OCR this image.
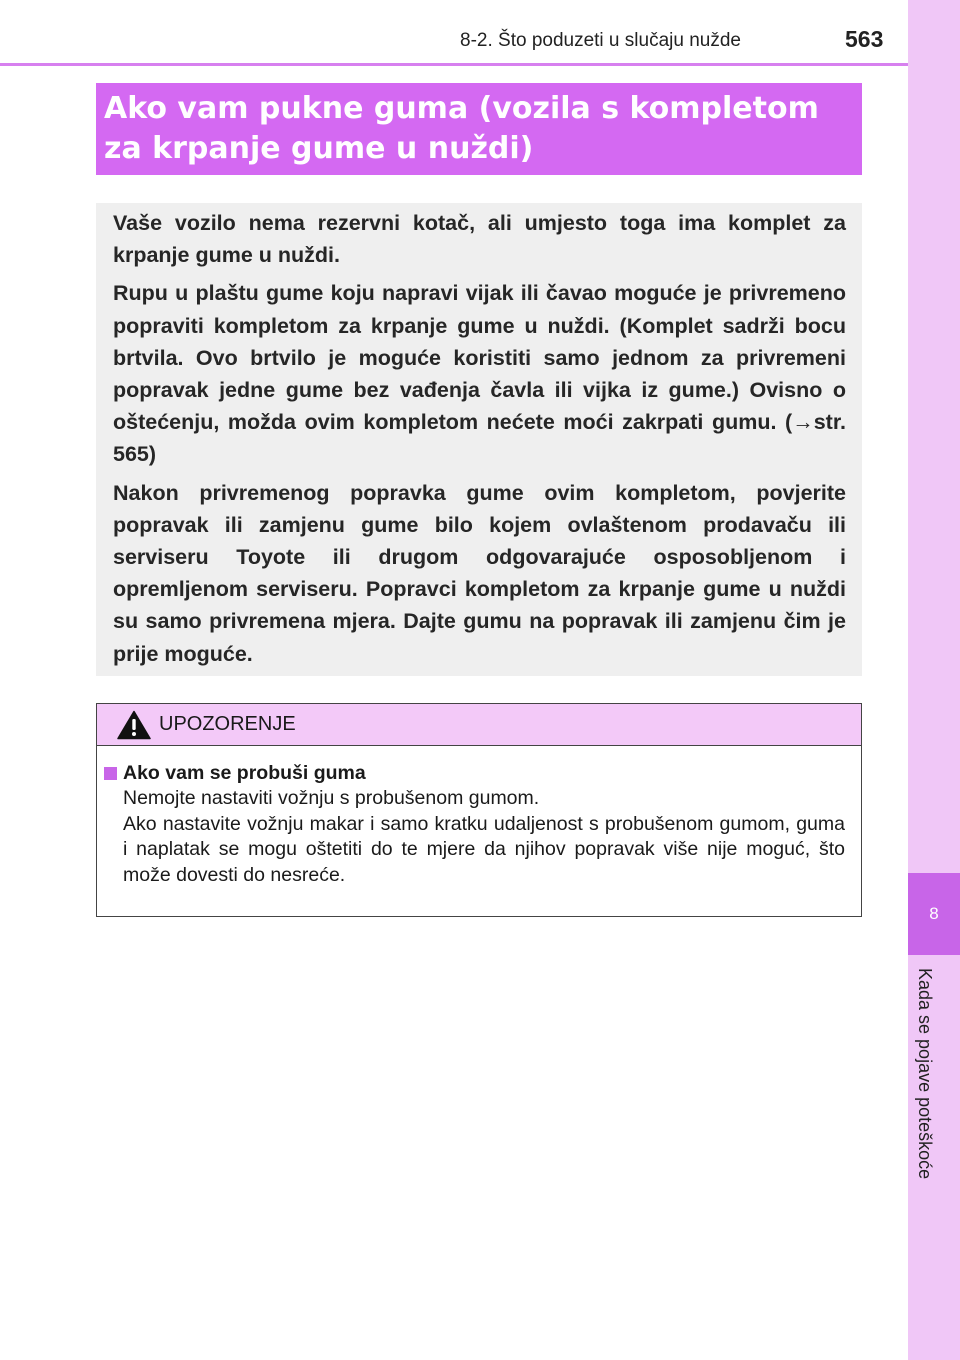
8-2. Što poduzeti u slučaju nužde	563
8
Kada se pojave poteškoće
Ako vam pukne guma (vozila s kompletom
za krpanje gume u nuždi)

Vaše vozilo nema rezervni kotač, ali umjesto toga ima komplet za krpanje gume u nuždi.

Rupu u plaštu gume koju napravi vijak ili čavao moguće je privremeno popraviti kompletom za krpanje gume u nuždi. (Komplet sadrži bocu brtvila. Ovo brtvilo je moguće koristiti samo jednom za privremeni popravak jedne gume bez vađenja čavla ili vijka iz gume.) Ovisno o oštećenju, možda ovim kompletom nećete moći zakrpati gumu. (→str. 565)

Nakon privremenog popravka gume ovim kompletom, povjerite popravak ili zamjenu gume bilo kojem ovlaštenom prodavaču ili serviseru Toyote ili drugom odgovarajuće osposobljenom i opremljenom serviseru. Popravci kompletom za krpanje gume u nuždi su samo privremena mjera. Dajte gumu na popravak ili zamjenu čim je prije moguće.

UPOZORENJE
Ako vam se probuši guma

Nemojte nastaviti vožnju s probušenom gumom.

Ako nastavite vožnju makar i samo kratku udaljenost s probušenom gumom, guma i naplatak se mogu oštetiti do te mjere da njihov popravak više nije moguć, što može dovesti do nesreće.
